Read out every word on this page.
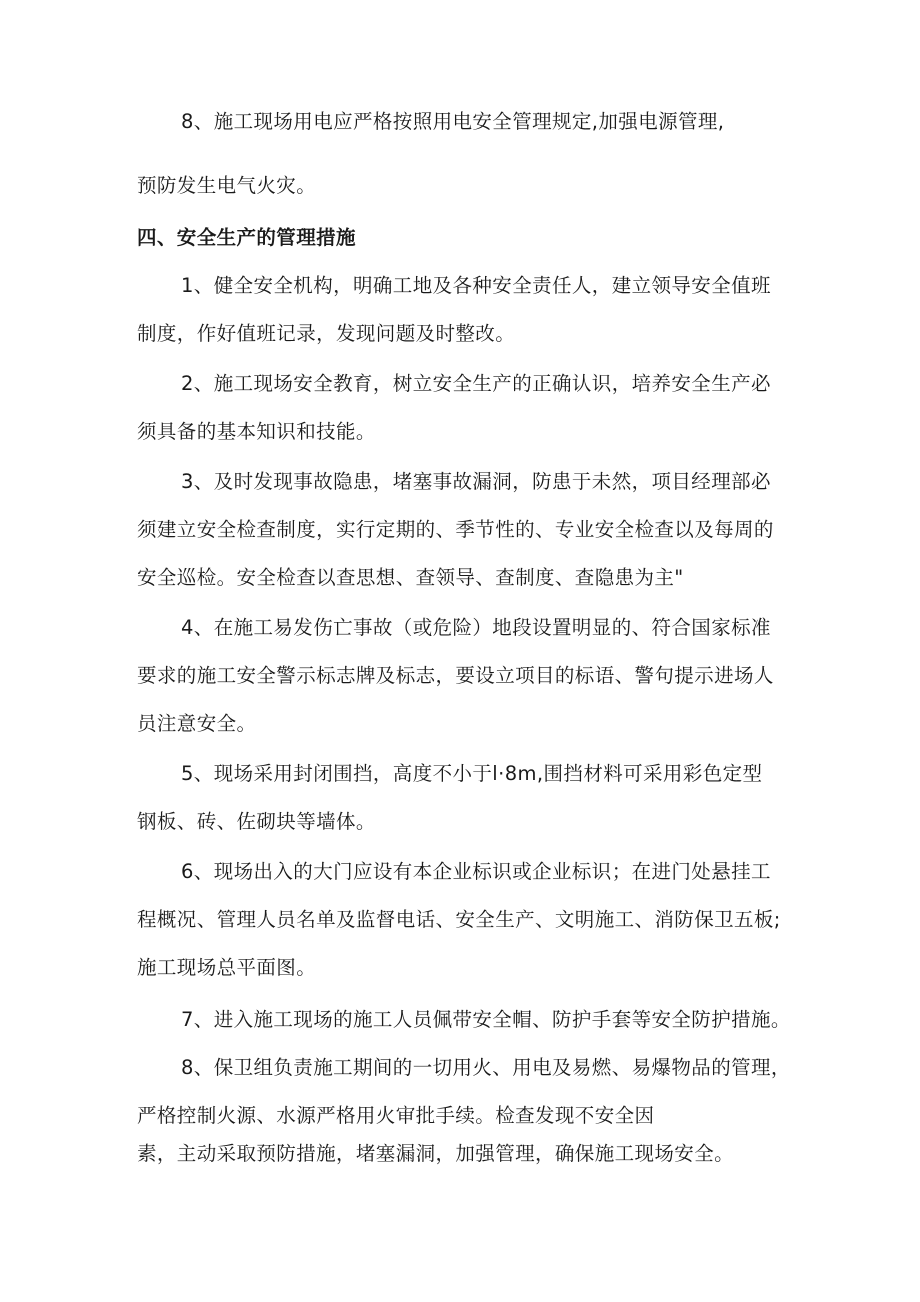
8、施工现场用电应严格按照用电安全管理规定,加强电源管理,
预防发生电气火灾。
四、安全生产的管理措施
1、健全安全机构，明确工地及各种安全责任人，建立领导安全值班
制度，作好值班记录，发现问题及时整改。
2、施工现场安全教育，树立安全生产的正确认识，培养安全生产必
须具备的基本知识和技能。
3、及时发现事故隐患，堵塞事故漏洞，防患于未然，项目经理部必
须建立安全检查制度，实行定期的、季节性的、专业安全检查以及每周的
安全巡检。安全检查以查思想、查领导、查制度、查隐患为主"
4、在施工易发伤亡事故（或危险）地段设置明显的、符合国家标准
要求的施工安全警示标志牌及标志，要设立项目的标语、警句提示进场人
员注意安全。
5、现场采用封闭围挡，高度不小于l·8m,围挡材料可采用彩色定型
钢板、砖、佐砌块等墙体。
6、现场出入的大门应设有本企业标识或企业标识；在进门处悬挂工
程概况、管理人员名单及监督电话、安全生产、文明施工、消防保卫五板;
施工现场总平面图。
7、进入施工现场的施工人员佩带安全帽、防护手套等安全防护措施。
8、保卫组负责施工期间的一切用火、用电及易燃、易爆物品的管理，
严格控制火源、水源严格用火审批手续。检查发现不安全因
素，主动采取预防措施，堵塞漏洞，加强管理，确保施工现场安全。
